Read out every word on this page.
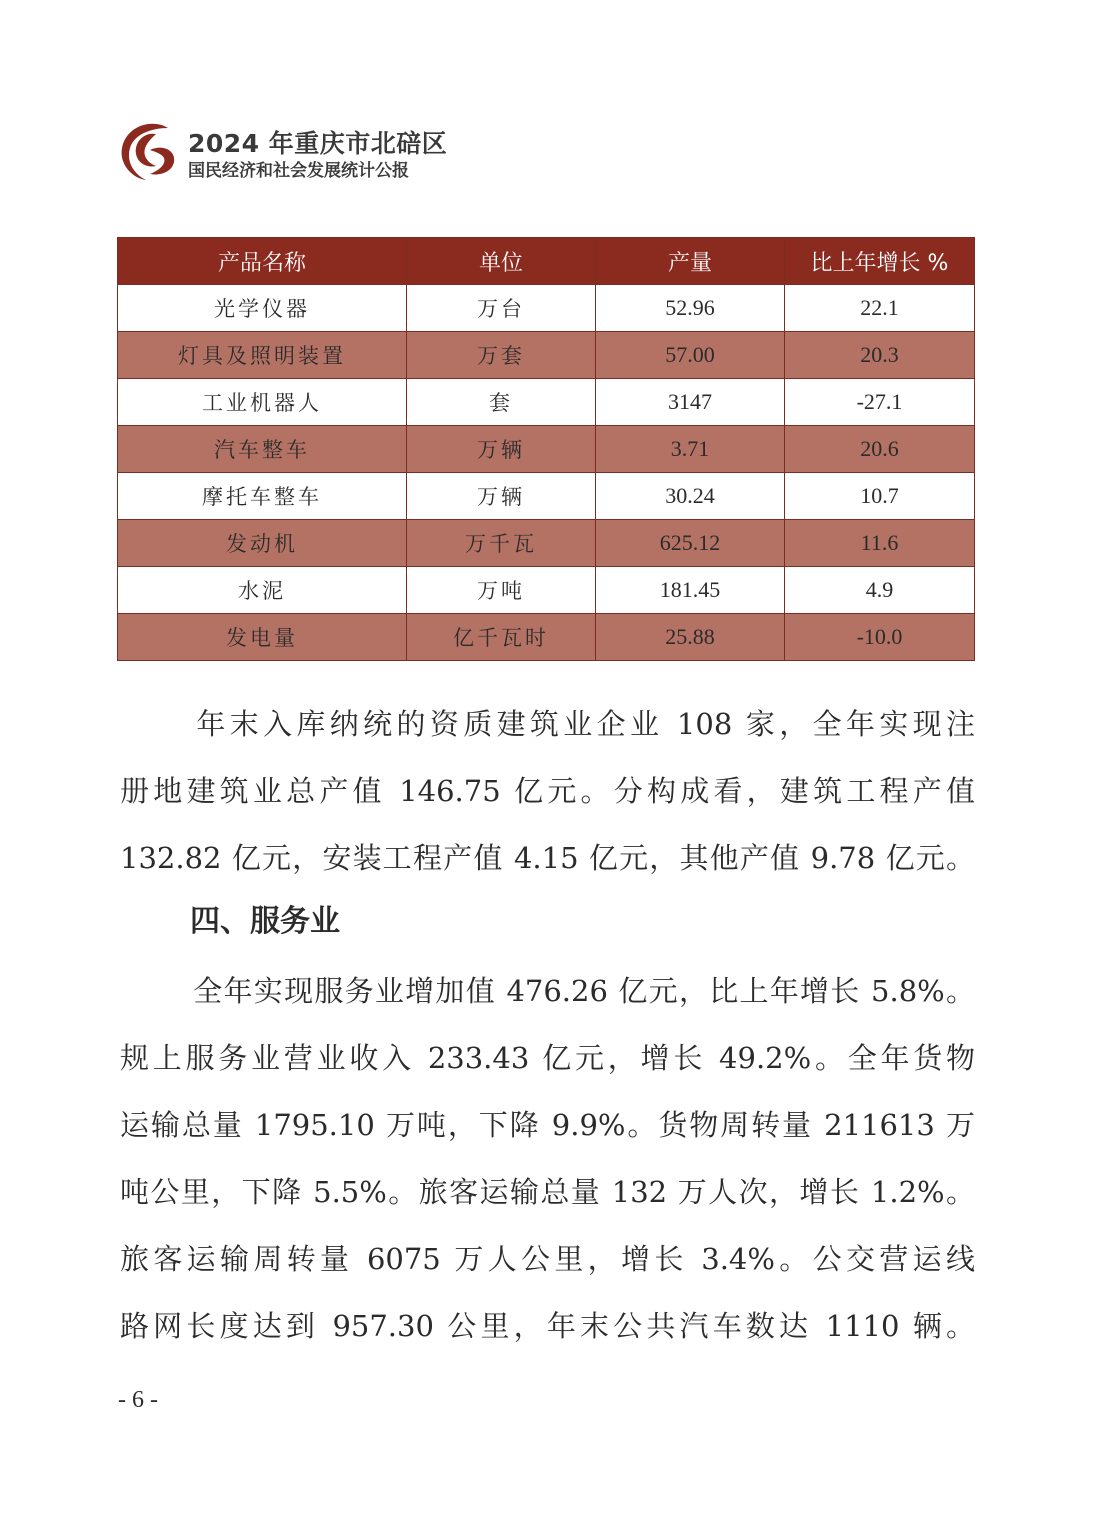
2024 年重庆市北碚区
国民经济和社会发展统计公报
产品名称	单位	产量	比上年增长 %
光学仪器	万台	52.96	22.1
灯具及照明装置	万套	57.00	20.3
工业机器人	套	3147	-27.1
汽车整车	万辆	3.71	20.6
摩托车整车	万辆	30.24	10.7
发动机	万千瓦	625.12	11.6
水泥	万吨	181.45	4.9
发电量	亿千瓦时	25.88	-10.0
年末入库纳统的资质建筑业企业 108 家，全年实现注
册地建筑业总产值 146.75 亿元。分构成看，建筑工程产值
132.82 亿元，安装工程产值 4.15 亿元，其他产值 9.78 亿元。
四、服务业
全年实现服务业增加值 476.26 亿元，比上年增长 5.8%。
规上服务业营业收入 233.43 亿元，增长 49.2%。全年货物
运输总量 1795.10 万吨，下降 9.9%。货物周转量 211613 万
吨公里，下降 5.5%。旅客运输总量 132 万人次，增长 1.2%。
旅客运输周转量 6075 万人公里，增长 3.4%。公交营运线
路网长度达到 957.30 公里，年末公共汽车数达 1110 辆。
- 6 -
